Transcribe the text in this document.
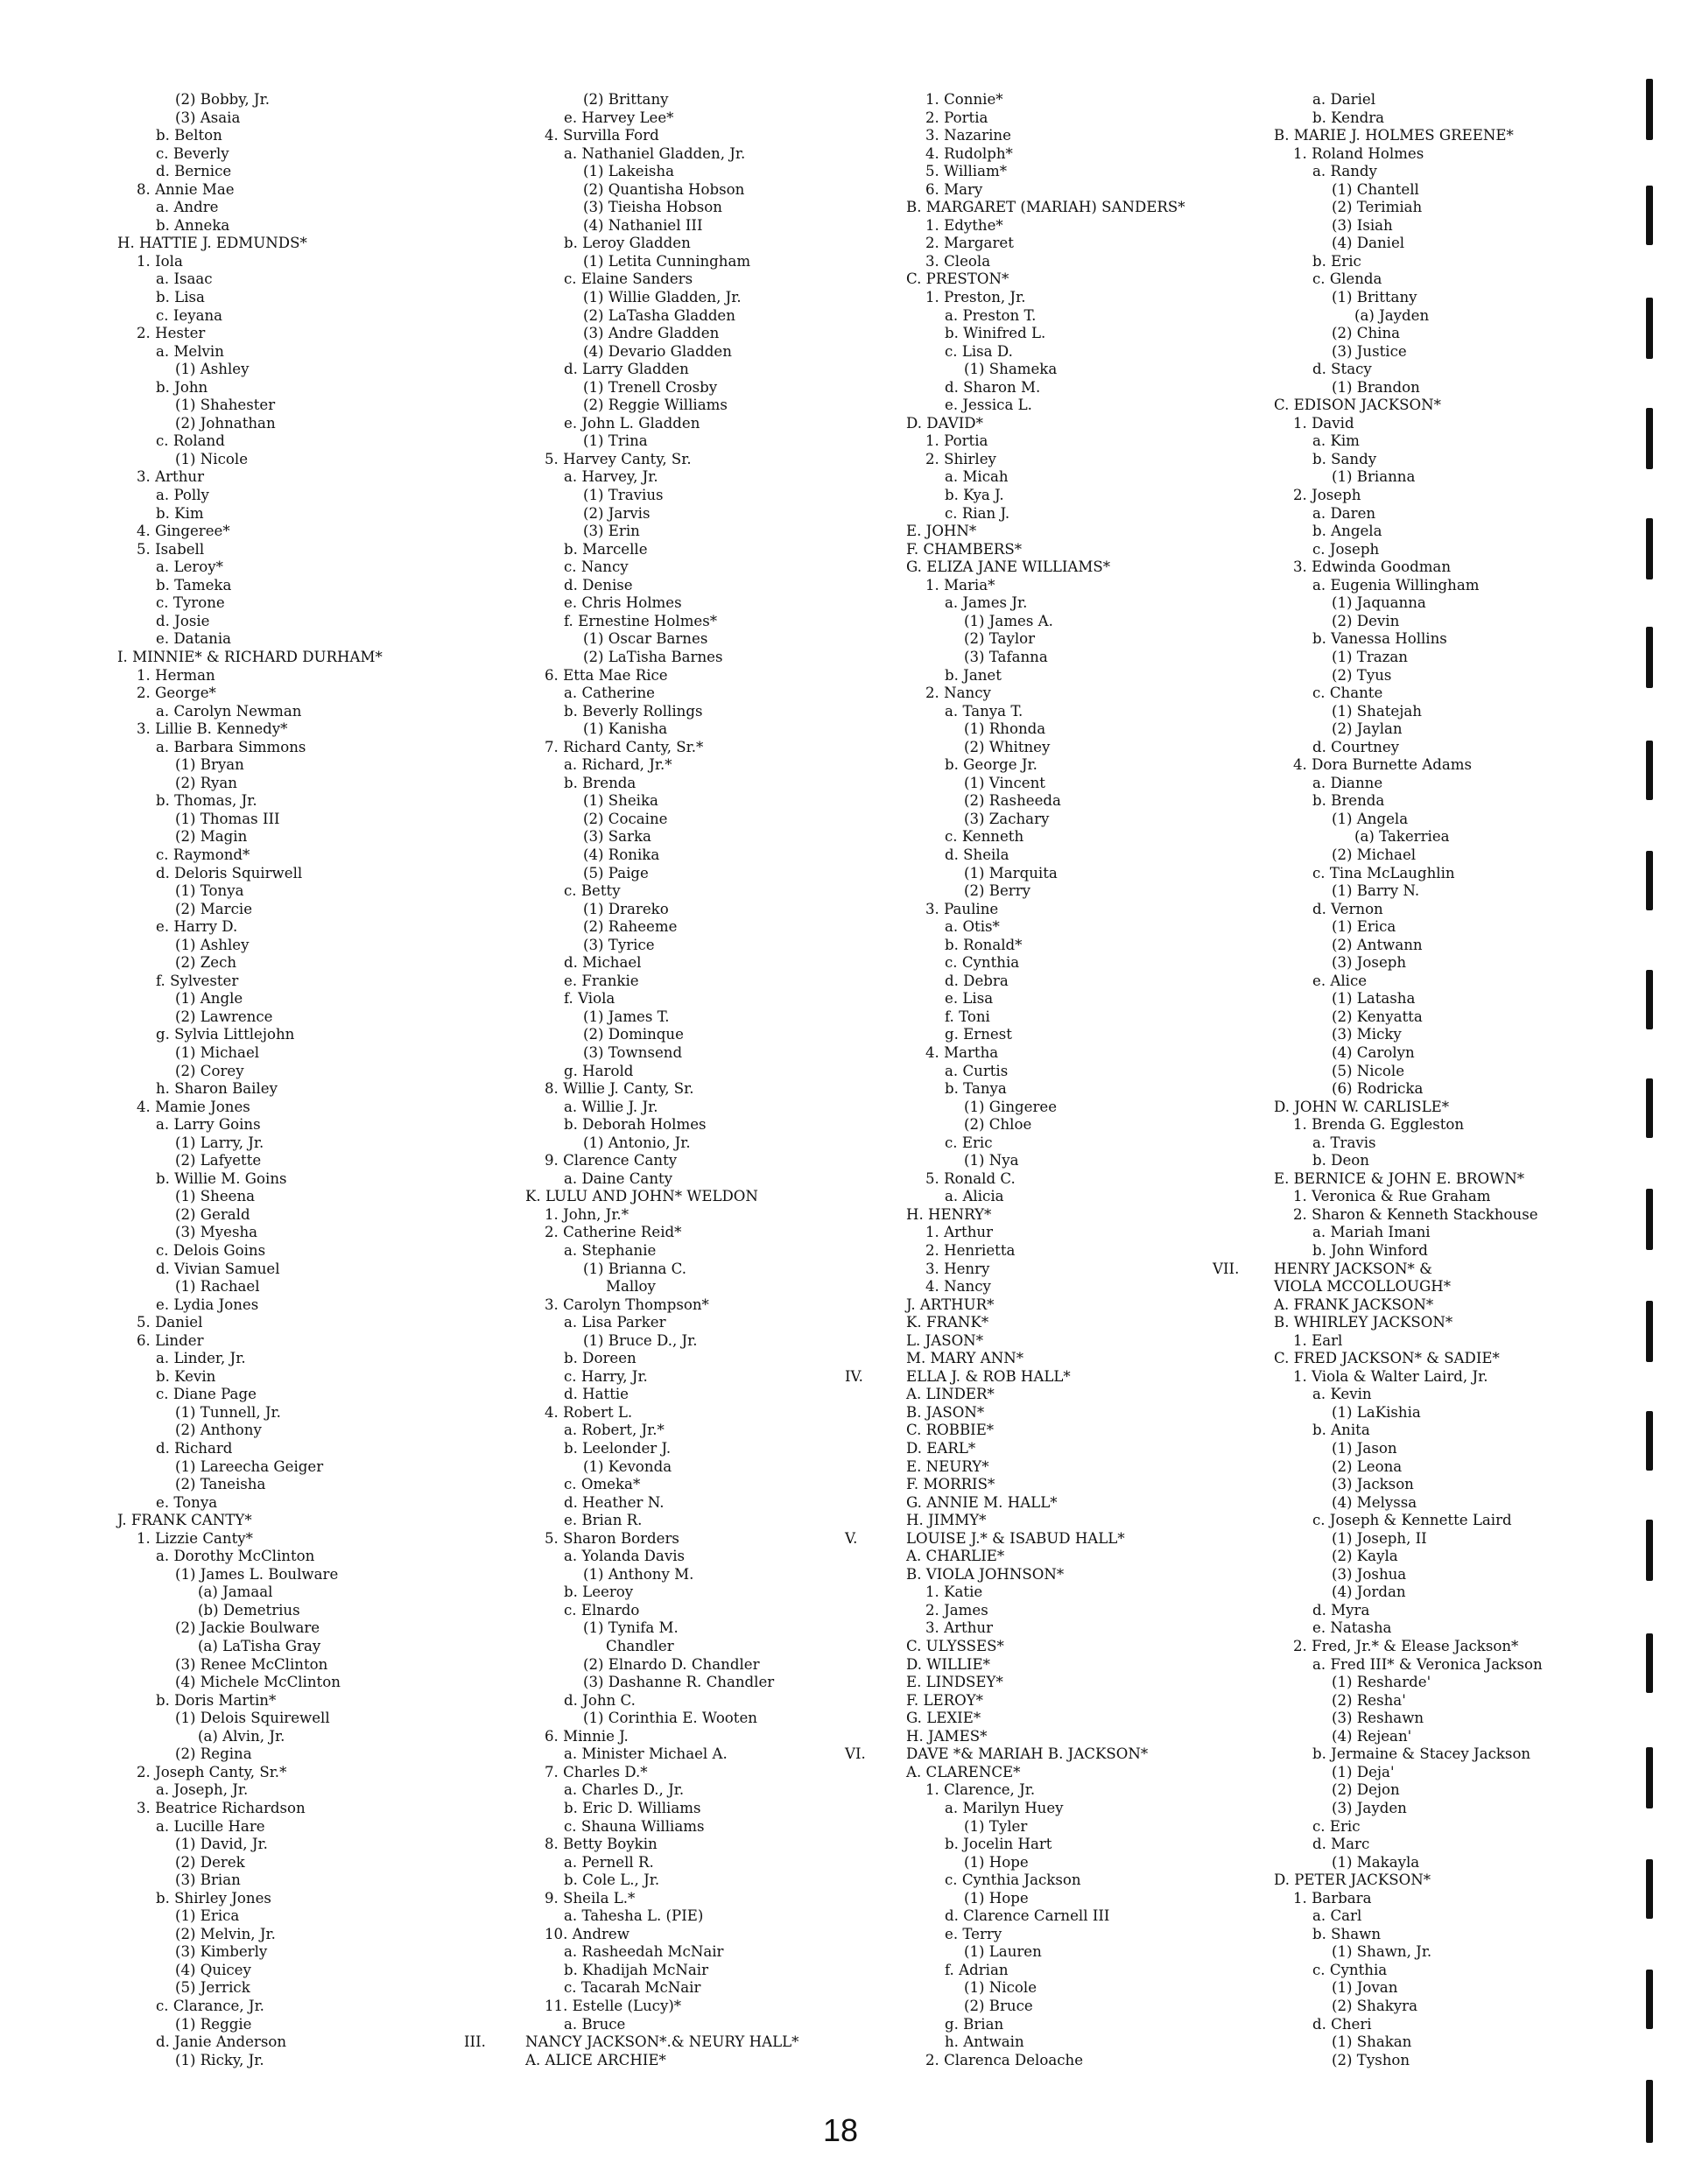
(2) Bobby, Jr.
(3) Asaia
b. Belton
c. Beverly
d. Bernice
8. Annie Mae
a. Andre
b. Anneka
H. HATTIE J. EDMUNDS*
1. Iola
a. Isaac
b. Lisa
c. Ieyana
2. Hester
a. Melvin
(1) Ashley
b. John
(1) Shahester
(2) Johnathan
c. Roland
(1) Nicole
3. Arthur
a. Polly
b. Kim
4. Gingeree*
5. Isabell
a. Leroy*
b. Tameka
c. Tyrone
d. Josie
e. Datania
I. MINNIE* & RICHARD DURHAM*
1. Herman
2. George*
a. Carolyn Newman
3. Lillie B. Kennedy*
a. Barbara Simmons
(1) Bryan
(2) Ryan
b. Thomas, Jr.
(1) Thomas III
(2) Magin
c. Raymond*
d. Deloris Squirwell
(1) Tonya
(2) Marcie
e. Harry D.
(1) Ashley
(2) Zech
f. Sylvester
(1) Angle
(2) Lawrence
g. Sylvia Littlejohn
(1) Michael
(2) Corey
h. Sharon Bailey
4. Mamie Jones
a. Larry Goins
(1) Larry, Jr.
(2) Lafyette
b. Willie M. Goins
(1) Sheena
(2) Gerald
(3) Myesha
c. Delois Goins
d. Vivian Samuel
(1) Rachael
e. Lydia Jones
5. Daniel
6. Linder
a. Linder, Jr.
b. Kevin
c. Diane Page
(1) Tunnell, Jr.
(2) Anthony
d. Richard
(1) Lareecha Geiger
(2) Taneisha
e. Tonya
J. FRANK CANTY*
1. Lizzie Canty*
a. Dorothy McClinton
(1) James L. Boulware
(a) Jamaal
(b) Demetrius
(2) Jackie Boulware
(a) LaTisha Gray
(3) Renee McClinton
(4) Michele McClinton
b. Doris Martin*
(1) Delois Squirewell
(a) Alvin, Jr.
(2) Regina
2. Joseph Canty, Sr.*
a. Joseph, Jr.
3. Beatrice Richardson
a. Lucille Hare
(1) David, Jr.
(2) Derek
(3) Brian
b. Shirley Jones
(1) Erica
(2) Melvin, Jr.
(3) Kimberly
(4) Quicey
(5) Jerrick
c. Clarance, Jr.
(1) Reggie
d. Janie Anderson
(1) Ricky, Jr.
(2) Brittany
e. Harvey Lee*
4. Survilla Ford
a. Nathaniel Gladden, Jr.
(1) Lakeisha
(2) Quantisha Hobson
(3) Tieisha Hobson
(4) Nathaniel III
b. Leroy Gladden
(1) Letita Cunningham
c. Elaine Sanders
(1) Willie Gladden, Jr.
(2) LaTasha Gladden
(3) Andre Gladden
(4) Devario Gladden
d. Larry Gladden
(1) Trenell Crosby
(2) Reggie Williams
e. John L. Gladden
(1) Trina
5. Harvey Canty, Sr.
a. Harvey, Jr.
(1) Travius
(2) Jarvis
(3) Erin
b. Marcelle
c. Nancy
d. Denise
e. Chris Holmes
f. Ernestine Holmes*
(1) Oscar Barnes
(2) LaTisha Barnes
6. Etta Mae Rice
a. Catherine
b. Beverly Rollings
(1) Kanisha
7. Richard Canty, Sr.*
a. Richard, Jr.*
b. Brenda
(1) Sheika
(2) Cocaine
(3) Sarka
(4) Ronika
(5) Paige
c. Betty
(1) Drareko
(2) Raheeme
(3) Tyrice
d. Michael
e. Frankie
f. Viola
(1) James T.
(2) Dominque
(3) Townsend
g. Harold
8. Willie J. Canty, Sr.
a. Willie J. Jr.
b. Deborah Holmes
(1) Antonio, Jr.
9. Clarence Canty
a. Daine Canty
K. LULU AND JOHN* WELDON
1. John, Jr.*
2. Catherine Reid*
a. Stephanie
(1) Brianna C.
Malloy
3. Carolyn Thompson*
a. Lisa Parker
(1) Bruce D., Jr.
b. Doreen
c. Harry, Jr.
d. Hattie
4. Robert L.
a. Robert, Jr.*
b. Leelonder J.
(1) Kevonda
c. Omeka*
d. Heather N.
e. Brian R.
5. Sharon Borders
a. Yolanda Davis
(1) Anthony M.
b. Leeroy
c. Elnardo
(1) Tynifa M.
Chandler
(2) Elnardo D. Chandler
(3) Dashanne R. Chandler
d. John C.
(1) Corinthia E. Wooten
6. Minnie J.
a. Minister Michael A.
7. Charles D.*
a. Charles D., Jr.
b. Eric D. Williams
c. Shauna Williams
8. Betty Boykin
a. Pernell R.
b. Cole L., Jr.
9. Sheila L.*
a. Tahesha L. (PIE)
10. Andrew
a. Rasheedah McNair
b. Khadijah McNair
c. Tacarah McNair
11. Estelle (Lucy)*
a. Bruce
III.	NANCY JACKSON*.& NEURY HALL*
A. ALICE ARCHIE*
1. Connie*
2. Portia
3. Nazarine
4. Rudolph*
5. William*
6. Mary
B. MARGARET (MARIAH) SANDERS*
1. Edythe*
2. Margaret
3. Cleola
C. PRESTON*
1. Preston, Jr.
a. Preston T.
b. Winifred L.
c. Lisa D.
(1) Shameka
d. Sharon M.
e. Jessica L.
D. DAVID*
1. Portia
2. Shirley
a. Micah
b. Kya J.
c. Rian J.
E. JOHN*
F. CHAMBERS*
G. ELIZA JANE WILLIAMS*
1. Maria*
a. James Jr.
(1) James A.
(2) Taylor
(3) Tafanna
b. Janet
2. Nancy
a. Tanya T.
(1) Rhonda
(2) Whitney
b. George Jr.
(1) Vincent
(2) Rasheeda
(3) Zachary
c. Kenneth
d. Sheila
(1) Marquita
(2) Berry
3. Pauline
a. Otis*
b. Ronald*
c. Cynthia
d. Debra
e. Lisa
f. Toni
g. Ernest
4. Martha
a. Curtis
b. Tanya
(1) Gingeree
(2) Chloe
c. Eric
(1) Nya
5. Ronald C.
a. Alicia
H. HENRY*
1. Arthur
2. Henrietta
3. Henry
4. Nancy
J. ARTHUR*
K. FRANK*
L. JASON*
M. MARY ANN*
IV.	ELLA J. & ROB HALL*
A. LINDER*
B. JASON*
C. ROBBIE*
D. EARL*
E. NEURY*
F. MORRIS*
G. ANNIE M. HALL*
H. JIMMY*
V.	LOUISE J.* & ISABUD HALL*
A. CHARLIE*
B. VIOLA JOHNSON*
1. Katie
2. James
3. Arthur
C. ULYSSES*
D. WILLIE*
E. LINDSEY*
F. LEROY*
G. LEXIE*
H. JAMES*
VI.	DAVE *& MARIAH B. JACKSON*
A. CLARENCE*
1. Clarence, Jr.
a. Marilyn Huey
(1) Tyler
b. Jocelin Hart
(1) Hope
c. Cynthia Jackson
(1) Hope
d. Clarence Carnell III
e. Terry
(1) Lauren
f. Adrian
(1) Nicole
(2) Bruce
g. Brian
h. Antwain
2. Clarenca Deloache
a. Dariel
b. Kendra
B. MARIE J. HOLMES GREENE*
1. Roland Holmes
a. Randy
(1) Chantell
(2) Terimiah
(3) Isiah
(4) Daniel
b. Eric
c. Glenda
(1) Brittany
(a) Jayden
(2) China
(3) Justice
d. Stacy
(1) Brandon
C. EDISON JACKSON*
1. David
a. Kim
b. Sandy
(1) Brianna
2. Joseph
a. Daren
b. Angela
c. Joseph
3. Edwinda Goodman
a. Eugenia Willingham
(1) Jaquanna
(2) Devin
b. Vanessa Hollins
(1) Trazan
(2) Tyus
c. Chante
(1) Shatejah
(2) Jaylan
d. Courtney
4. Dora Burnette Adams
a. Dianne
b. Brenda
(1) Angela
(a) Takerriea
(2) Michael
c. Tina McLaughlin
(1) Barry N.
d. Vernon
(1) Erica
(2) Antwann
(3) Joseph
e. Alice
(1) Latasha
(2) Kenyatta
(3) Micky
(4) Carolyn
(5) Nicole
(6) Rodricka
D. JOHN W. CARLISLE*
1. Brenda G. Eggleston
a. Travis
b. Deon
E. BERNICE & JOHN E. BROWN*
1. Veronica & Rue Graham
2. Sharon & Kenneth Stackhouse
a. Mariah Imani
b. John Winford
VII. HENRY JACKSON* &
VIOLA MCCOLLOUGH*
A. FRANK JACKSON*
B. WHIRLEY JACKSON*
1. Earl
C. FRED JACKSON* & SADIE*
1. Viola & Walter Laird, Jr.
a. Kevin
(1) LaKishia
b. Anita
(1) Jason
(2) Leona
(3) Jackson
(4) Melyssa
c. Joseph & Kennette Laird
(1) Joseph, II
(2) Kayla
(3) Joshua
(4) Jordan
d. Myra
e. Natasha
2. Fred, Jr.* & Elease Jackson*
a. Fred III* & Veronica Jackson
(1) Resharde'
(2) Resha'
(3) Reshawn
(4) Rejean'
b. Jermaine & Stacey Jackson
(1) Deja'
(2) Dejon
(3) Jayden
c. Eric
d. Marc
(1) Makayla
D. PETER JACKSON*
1. Barbara
a. Carl
b. Shawn
(1) Shawn, Jr.
c. Cynthia
(1) Jovan
(2) Shakyra
d. Cheri
(1) Shakan
(2) Tyshon
18
